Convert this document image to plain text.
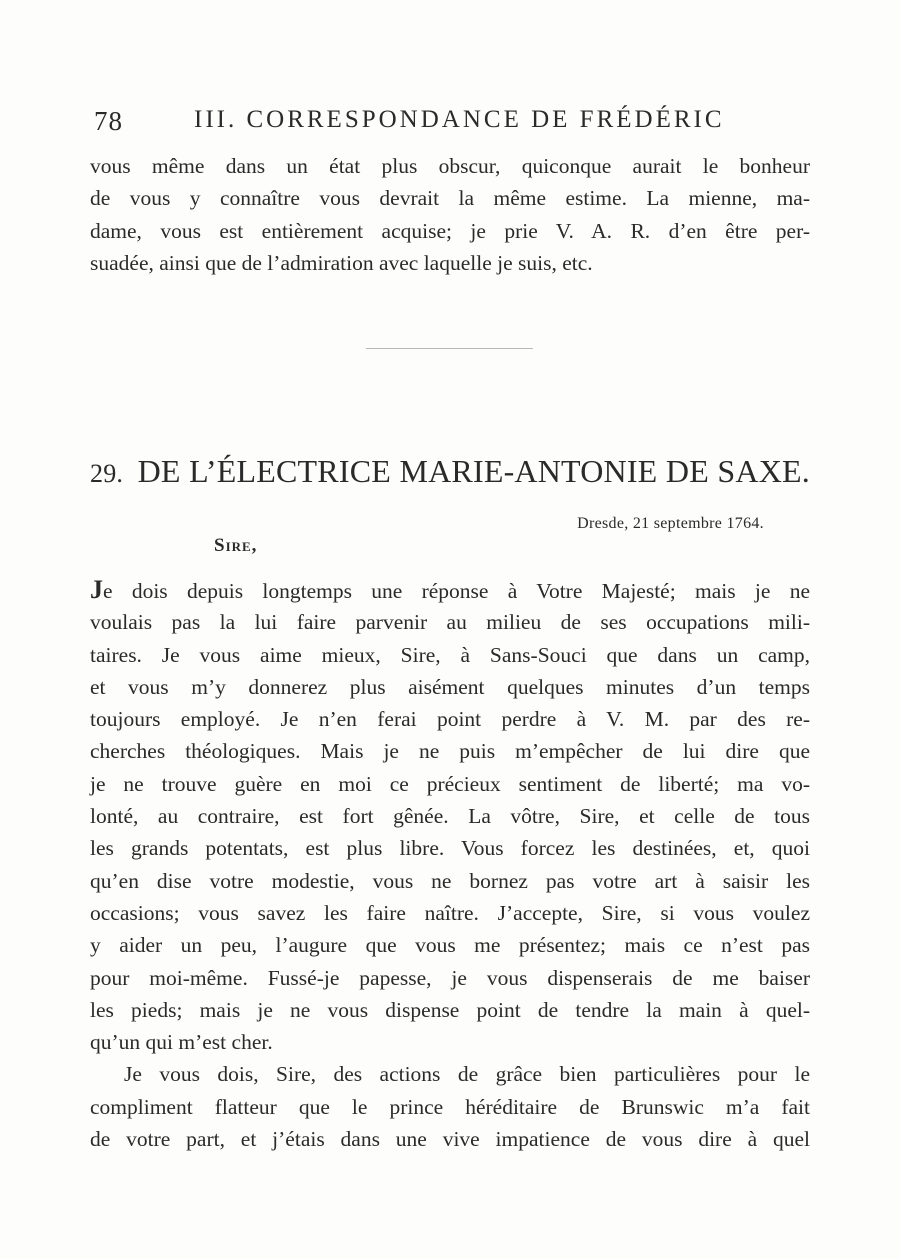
78	III. CORRESPONDANCE DE FRÉDÉRIC
vous même dans un état plus obscur, quiconque aurait le bonheur
de vous y connaître vous devrait la même estime. La mienne, ma-
dame, vous est entièrement acquise; je prie V. A. R. d’en être per-
suadée, ainsi que de l’admiration avec laquelle je suis, etc.
29. DE L’ÉLECTRICE MARIE-ANTONIE DE SAXE.
Dresde, 21 septembre 1764.
Sire,
Je dois depuis longtemps une réponse à Votre Majesté; mais je ne
voulais pas la lui faire parvenir au milieu de ses occupations mili-
taires. Je vous aime mieux, Sire, à Sans-Souci que dans un camp,
et vous m’y donnerez plus aisément quelques minutes d’un temps
toujours employé. Je n’en ferai point perdre à V. M. par des re-
cherches théologiques. Mais je ne puis m’empêcher de lui dire que
je ne trouve guère en moi ce précieux sentiment de liberté; ma vo-
lonté, au contraire, est fort gênée. La vôtre, Sire, et celle de tous
les grands potentats, est plus libre. Vous forcez les destinées, et, quoi
qu’en dise votre modestie, vous ne bornez pas votre art à saisir les
occasions; vous savez les faire naître. J’accepte, Sire, si vous voulez
y aider un peu, l’augure que vous me présentez; mais ce n’est pas
pour moi-même. Fussé-je papesse, je vous dispenserais de me baiser
les pieds; mais je ne vous dispense point de tendre la main à quel-
qu’un qui m’est cher.
Je vous dois, Sire, des actions de grâce bien particulières pour le
compliment flatteur que le prince héréditaire de Brunswic m’a fait
de votre part, et j’étais dans une vive impatience de vous dire à quel
